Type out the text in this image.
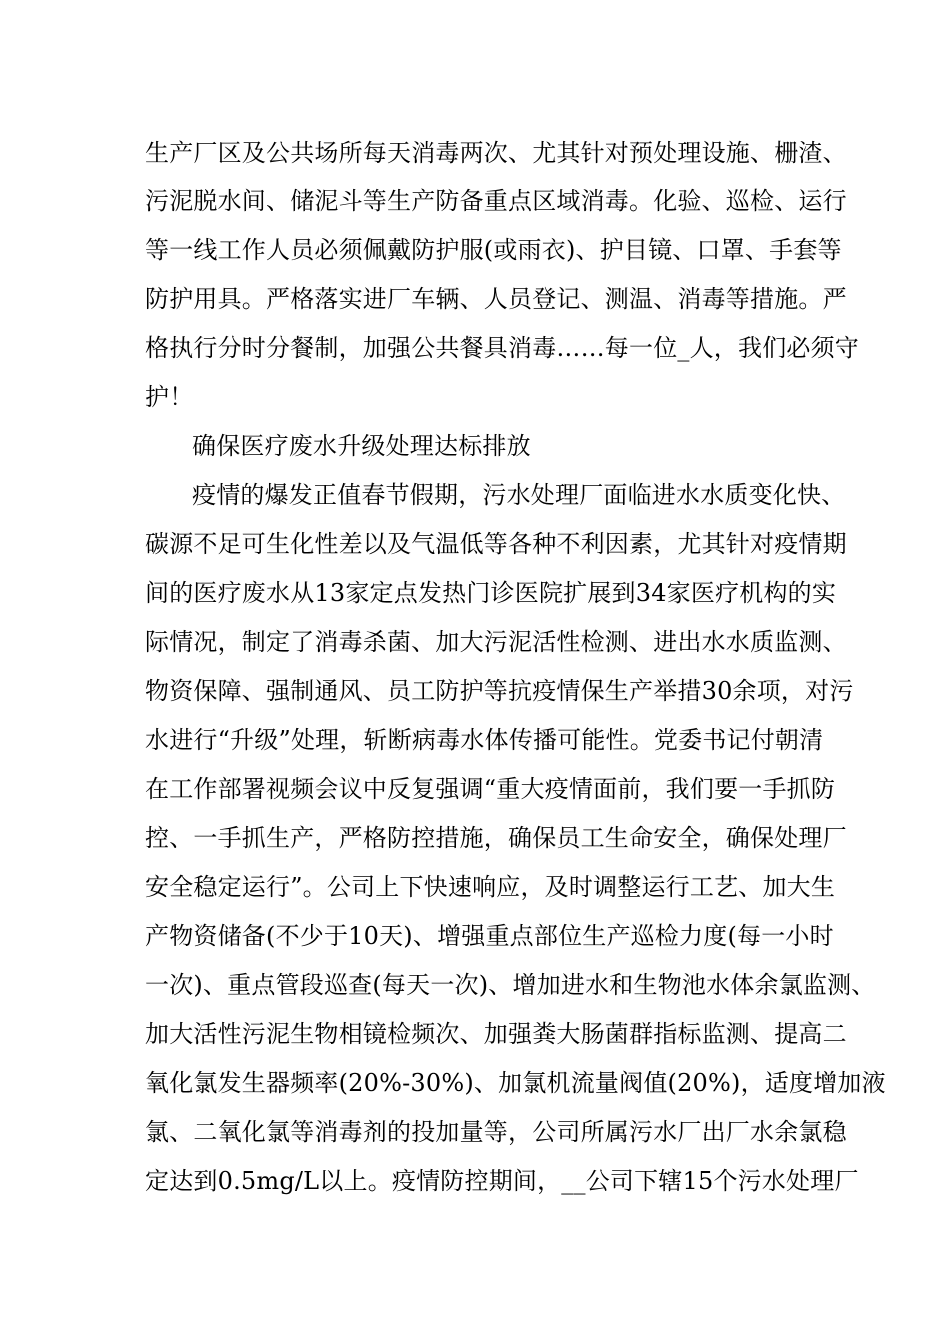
生产厂区及公共场所每天消毒两次、尤其针对预处理设施、栅渣、
污泥脱水间、储泥斗等生产防备重点区域消毒。化验、巡检、运行
等一线工作人员必须佩戴防护服(或雨衣)、护目镜、口罩、手套等
防护用具。严格落实进厂车辆、人员登记、测温、消毒等措施。严
格执行分时分餐制，加强公共餐具消毒……每一位_人，我们必须守
护！
确保医疗废水升级处理达标排放
疫情的爆发正值春节假期，污水处理厂面临进水水质变化快、
碳源不足可生化性差以及气温低等各种不利因素，尤其针对疫情期
间的医疗废水从13家定点发热门诊医院扩展到34家医疗机构的实
际情况，制定了消毒杀菌、加大污泥活性检测、进出水水质监测、
物资保障、强制通风、员工防护等抗疫情保生产举措30余项，对污
水进行“升级”处理，斩断病毒水体传播可能性。党委书记付朝清
在工作部署视频会议中反复强调“重大疫情面前，我们要一手抓防
控、一手抓生产，严格防控措施，确保员工生命安全，确保处理厂
安全稳定运行”。公司上下快速响应，及时调整运行工艺、加大生
产物资储备(不少于10天)、增强重点部位生产巡检力度(每一小时
一次)、重点管段巡查(每天一次)、增加进水和生物池水体余氯监测、
加大活性污泥生物相镜检频次、加强粪大肠菌群指标监测、提高二
氧化氯发生器频率(20%-30%)、加氯机流量阀值(20%)，适度增加液
氯、二氧化氯等消毒剂的投加量等，公司所属污水厂出厂水余氯稳
定达到0.5mg/L以上。疫情防控期间，__公司下辖15个污水处理厂
